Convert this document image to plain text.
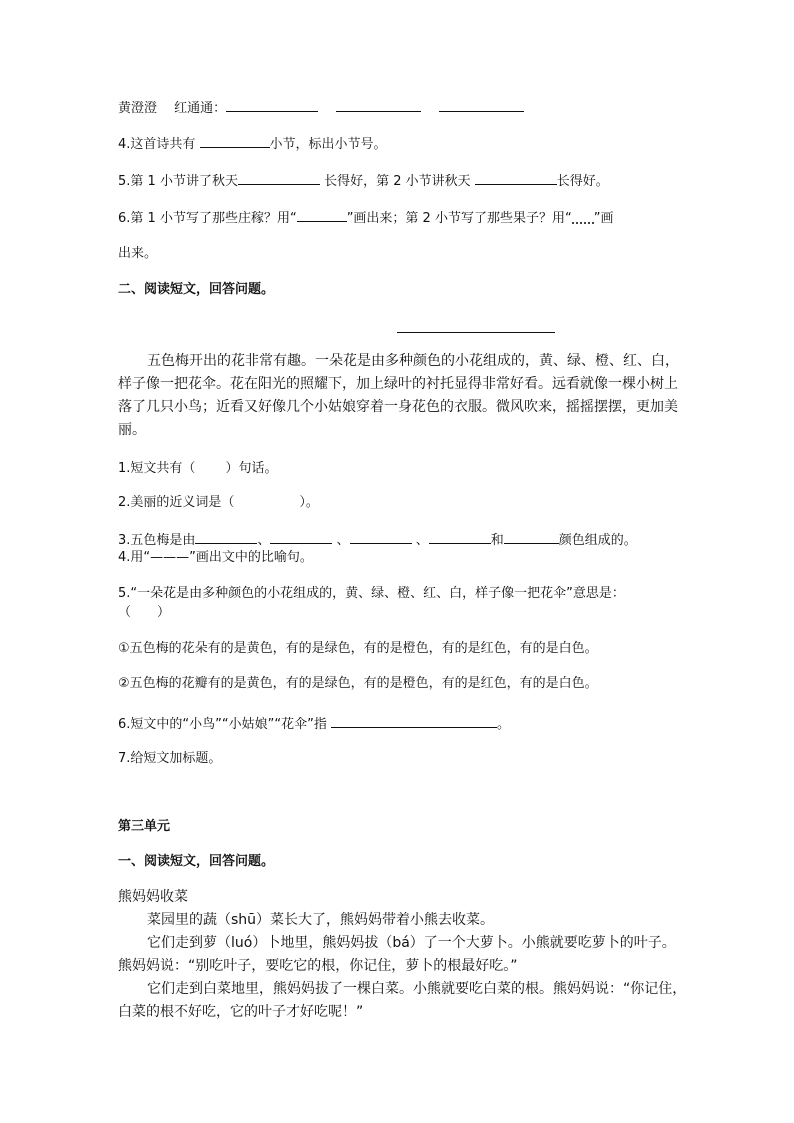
黄澄澄　 红通通：
4.这首诗共有	小节，标出小节号。
5.第 1 小节讲了秋天	长得好，第 2 小节讲秋天	长得好。
6.第 1 小节写了那些庄稼？用“	”画出来；第 2 小节写了那些果子？用“ ”画
出来。
二、阅读短文，回答问题。
五色梅开出的花非常有趣。一朵花是由多种颜色的小花组成的，黄、绿、橙、红、白，
样子像一把花伞。花在阳光的照耀下，加上绿叶的衬托显得非常好看。远看就像一棵小树上
落了几只小鸟；近看又好像几个小姑娘穿着一身花色的衣服。微风吹来，摇摇摆摆，更加美
丽。
1.短文共有（　　 ）句话。
2.美丽的近义词是（　　　　　）。
3.五色梅是由	、	、	、	和	颜色组成的。
4.用“———”画出文中的比喻句。
5.“一朵花是由多种颜色的小花组成的，黄、绿、橙、红、白，样子像一把花伞”意思是：
（　　）
①五色梅的花朵有的是黄色，有的是绿色，有的是橙色，有的是红色，有的是白色。
②五色梅的花瓣有的是黄色，有的是绿色，有的是橙色，有的是红色，有的是白色。
6.短文中的“小鸟”“小姑娘”“花伞”指	。
7.给短文加标题。
第三单元
一、阅读短文，回答问题。
熊妈妈收菜
菜园里的蔬（shū）菜长大了，熊妈妈带着小熊去收菜。
它们走到萝（luó）卜地里，熊妈妈拔（bá）了一个大萝卜。小熊就要吃萝卜的叶子。
熊妈妈说：“别吃叶子，要吃它的根，你记住，萝卜的根最好吃。”
它们走到白菜地里，熊妈妈拔了一棵白菜。小熊就要吃白菜的根。熊妈妈说：“你记住，
白菜的根不好吃，它的叶子才好吃呢！”
